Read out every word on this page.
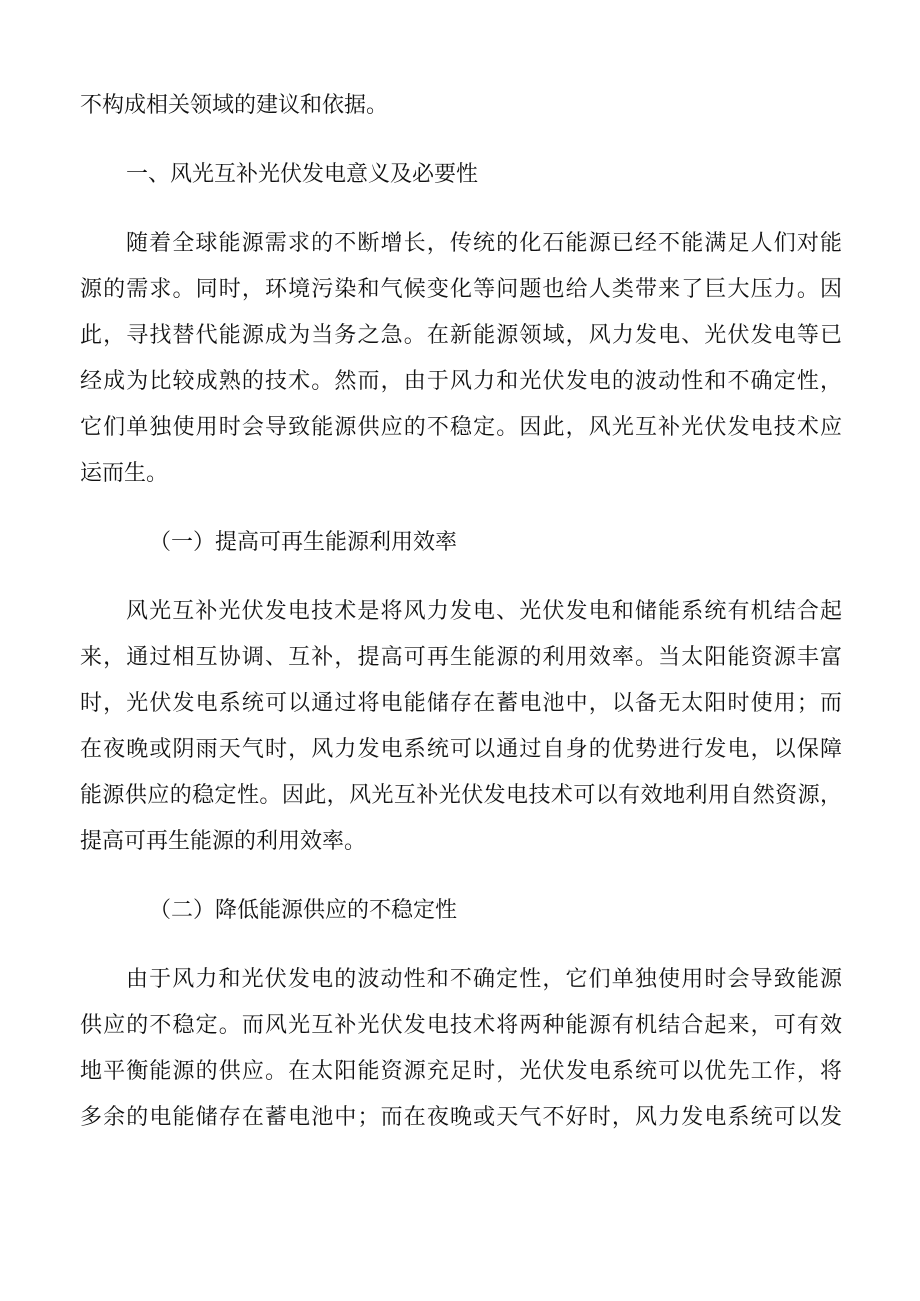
不构成相关领域的建议和依据。
一、风光互补光伏发电意义及必要性
随着全球能源需求的不断增长，传统的化石能源已经不能满足人们对能
源的需求。同时，环境污染和气候变化等问题也给人类带来了巨大压力。因
此，寻找替代能源成为当务之急。在新能源领域，风力发电、光伏发电等已
经成为比较成熟的技术。然而，由于风力和光伏发电的波动性和不确定性，
它们单独使用时会导致能源供应的不稳定。因此，风光互补光伏发电技术应
运而生。
（一）提高可再生能源利用效率
风光互补光伏发电技术是将风力发电、光伏发电和储能系统有机结合起
来，通过相互协调、互补，提高可再生能源的利用效率。当太阳能资源丰富
时，光伏发电系统可以通过将电能储存在蓄电池中，以备无太阳时使用；而
在夜晚或阴雨天气时，风力发电系统可以通过自身的优势进行发电，以保障
能源供应的稳定性。因此，风光互补光伏发电技术可以有效地利用自然资源，
提高可再生能源的利用效率。
（二）降低能源供应的不稳定性
由于风力和光伏发电的波动性和不确定性，它们单独使用时会导致能源
供应的不稳定。而风光互补光伏发电技术将两种能源有机结合起来，可有效
地平衡能源的供应。在太阳能资源充足时，光伏发电系统可以优先工作，将
多余的电能储存在蓄电池中；而在夜晚或天气不好时，风力发电系统可以发
